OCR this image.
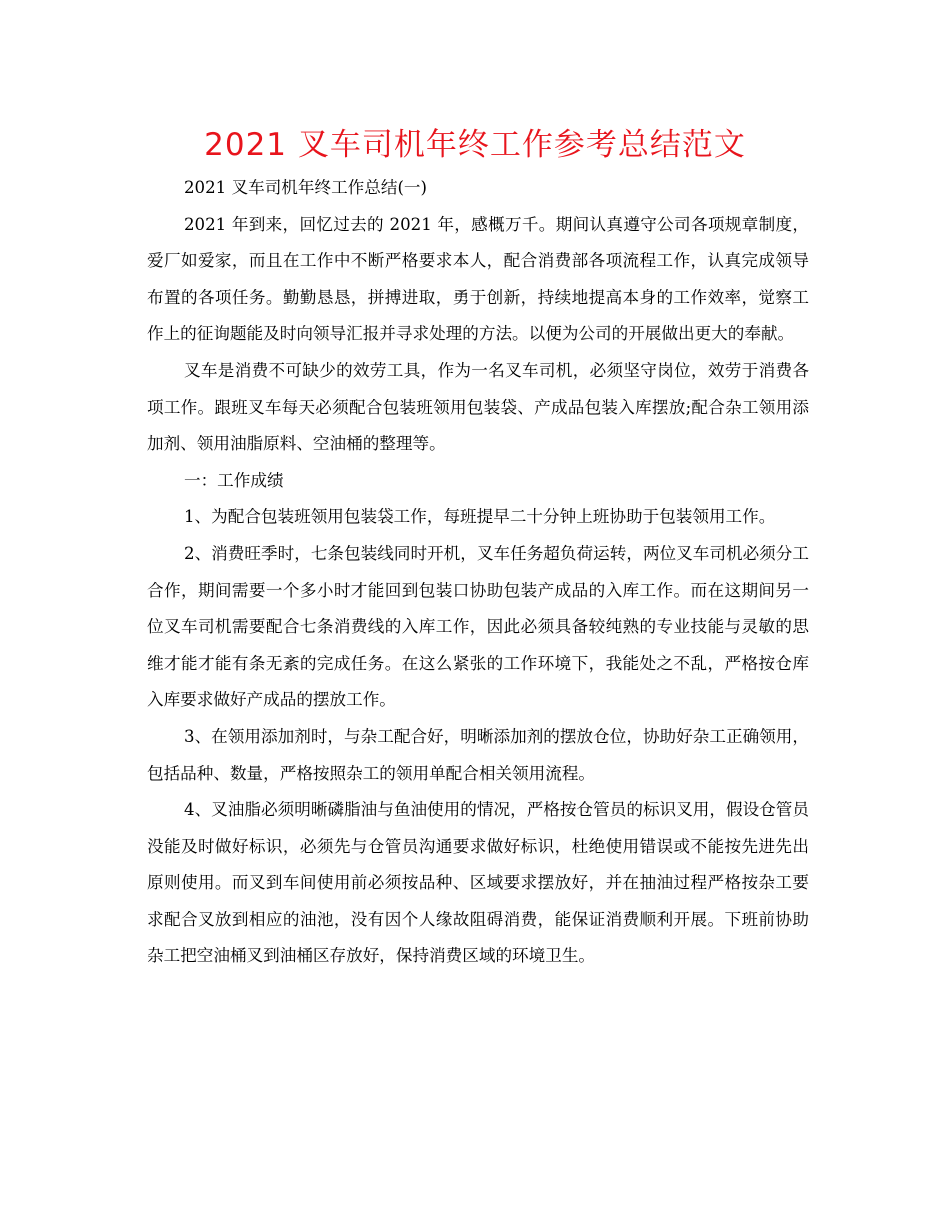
2021 叉车司机年终工作参考总结范文

2021 叉车司机年终工作总结(一)

2021 年到来，回忆过去的 2021 年，感概万千。期间认真遵守公司各项规章制度，爱厂如爱家，而且在工作中不断严格要求本人，配合消费部各项流程工作，认真完成领导布置的各项任务。勤勤恳恳，拼搏进取，勇于创新，持续地提高本身的工作效率，觉察工作上的征询题能及时向领导汇报并寻求处理的方法。以便为公司的开展做出更大的奉献。

叉车是消费不可缺少的效劳工具，作为一名叉车司机，必须坚守岗位，效劳于消费各项工作。跟班叉车每天必须配合包装班领用包装袋、产成品包装入库摆放;配合杂工领用添加剂、领用油脂原料、空油桶的整理等。

一：工作成绩

1、为配合包装班领用包装袋工作，每班提早二十分钟上班协助于包装领用工作。

2、消费旺季时，七条包装线同时开机，叉车任务超负荷运转，两位叉车司机必须分工合作，期间需要一个多小时才能回到包装口协助包装产成品的入库工作。而在这期间另一位叉车司机需要配合七条消费线的入库工作，因此必须具备较纯熟的专业技能与灵敏的思维才能才能有条无紊的完成任务。在这么紧张的工作环境下，我能处之不乱，严格按仓库入库要求做好产成品的摆放工作。

3、在领用添加剂时，与杂工配合好，明晰添加剂的摆放仓位，协助好杂工正确领用，包括品种、数量，严格按照杂工的领用单配合相关领用流程。

4、叉油脂必须明晰磷脂油与鱼油使用的情况，严格按仓管员的标识叉用，假设仓管员没能及时做好标识，必须先与仓管员沟通要求做好标识，杜绝使用错误或不能按先进先出原则使用。而叉到车间使用前必须按品种、区域要求摆放好，并在抽油过程严格按杂工要求配合叉放到相应的油池，没有因个人缘故阻碍消费，能保证消费顺利开展。下班前协助杂工把空油桶叉到油桶区存放好，保持消费区域的环境卫生。
